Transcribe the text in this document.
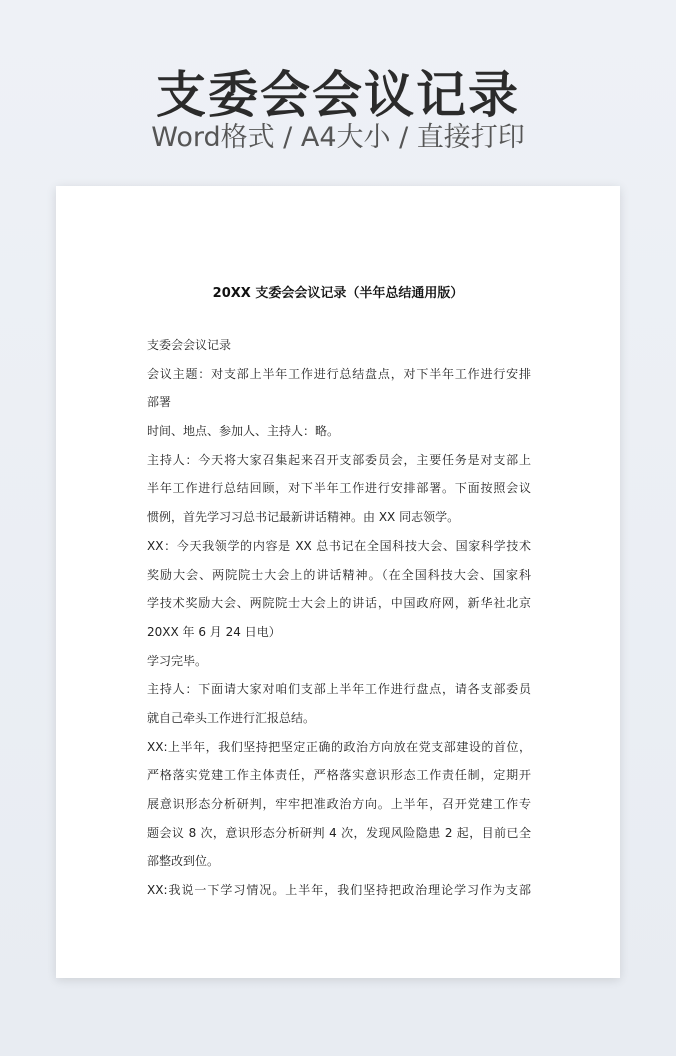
支委会会议记录
Word格式 / A4大小 / 直接打印
20XX 支委会会议记录（半年总结通用版）
支委会会议记录
会议主题：对支部上半年工作进行总结盘点，对下半年工作进行安排
部署
时间、地点、参加人、主持人：略。
主持人：今天将大家召集起来召开支部委员会，主要任务是对支部上
半年工作进行总结回顾，对下半年工作进行安排部署。下面按照会议
惯例，首先学习习总书记最新讲话精神。由 XX 同志领学。
XX：今天我领学的内容是 XX 总书记在全国科技大会、国家科学技术
奖励大会、两院院士大会上的讲话精神。（在全国科技大会、国家科
学技术奖励大会、两院院士大会上的讲话，中国政府网，新华社北京
20XX 年 6 月 24 日电）
学习完毕。
主持人：下面请大家对咱们支部上半年工作进行盘点，请各支部委员
就自己牵头工作进行汇报总结。
XX:上半年，我们坚持把坚定正确的政治方向放在党支部建设的首位，
严格落实党建工作主体责任，严格落实意识形态工作责任制，定期开
展意识形态分析研判，牢牢把准政治方向。上半年，召开党建工作专
题会议 8 次，意识形态分析研判 4 次，发现风险隐患 2 起，目前已全
部整改到位。
XX:我说一下学习情况。上半年，我们坚持把政治理论学习作为支部
